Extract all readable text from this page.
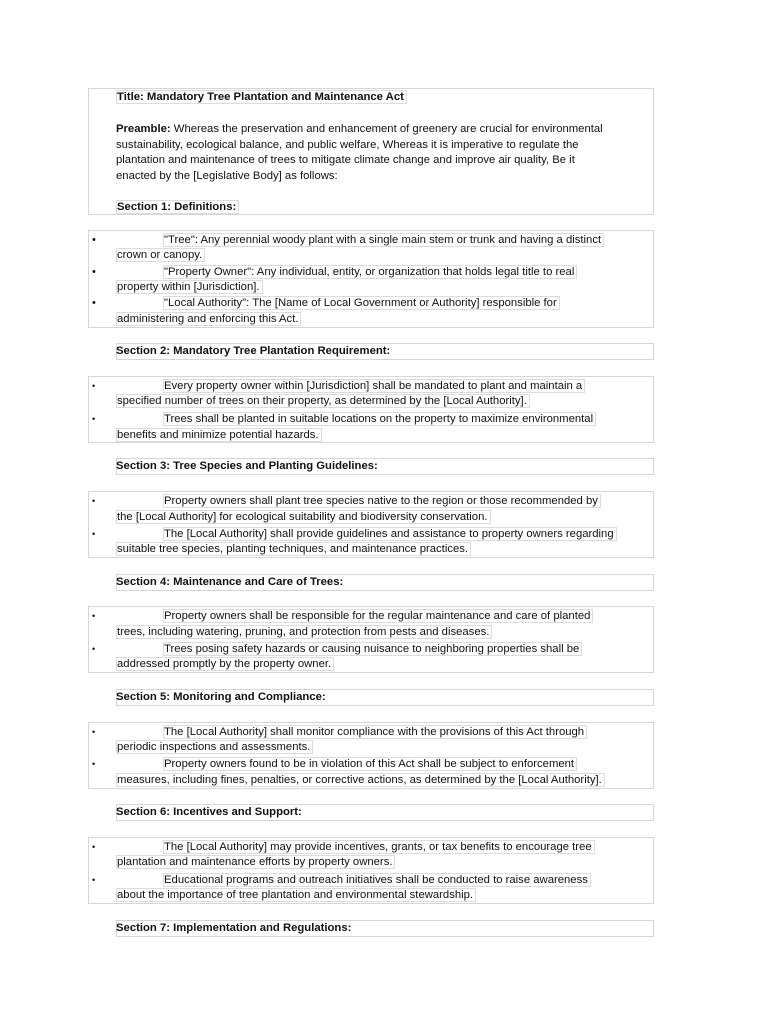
Title: Mandatory Tree Plantation and Maintenance Act
Preamble: Whereas the preservation and enhancement of greenery are crucial for environmental
sustainability, ecological balance, and public welfare, Whereas it is imperative to regulate the
plantation and maintenance of trees to mitigate climate change and improve air quality, Be it
enacted by the [Legislative Body] as follows:
Section 1: Definitions:
•	"Tree": Any perennial woody plant with a single main stem or trunk and having a distinct
crown or canopy.
•	"Property Owner": Any individual, entity, or organization that holds legal title to real
property within [Jurisdiction].
•	"Local Authority": The [Name of Local Government or Authority] responsible for
administering and enforcing this Act.
Section 2: Mandatory Tree Plantation Requirement:
•	Every property owner within [Jurisdiction] shall be mandated to plant and maintain a
specified number of trees on their property, as determined by the [Local Authority].
•	Trees shall be planted in suitable locations on the property to maximize environmental
benefits and minimize potential hazards.
Section 3: Tree Species and Planting Guidelines:
•	Property owners shall plant tree species native to the region or those recommended by
the [Local Authority] for ecological suitability and biodiversity conservation.
•	The [Local Authority] shall provide guidelines and assistance to property owners regarding
suitable tree species, planting techniques, and maintenance practices.
Section 4: Maintenance and Care of Trees:
•	Property owners shall be responsible for the regular maintenance and care of planted
trees, including watering, pruning, and protection from pests and diseases.
•	Trees posing safety hazards or causing nuisance to neighboring properties shall be
addressed promptly by the property owner.
Section 5: Monitoring and Compliance:
•	The [Local Authority] shall monitor compliance with the provisions of this Act through
periodic inspections and assessments.
•	Property owners found to be in violation of this Act shall be subject to enforcement
measures, including fines, penalties, or corrective actions, as determined by the [Local Authority].
Section 6: Incentives and Support:
•	The [Local Authority] may provide incentives, grants, or tax benefits to encourage tree
plantation and maintenance efforts by property owners.
•	Educational programs and outreach initiatives shall be conducted to raise awareness
about the importance of tree plantation and environmental stewardship.
Section 7: Implementation and Regulations:
